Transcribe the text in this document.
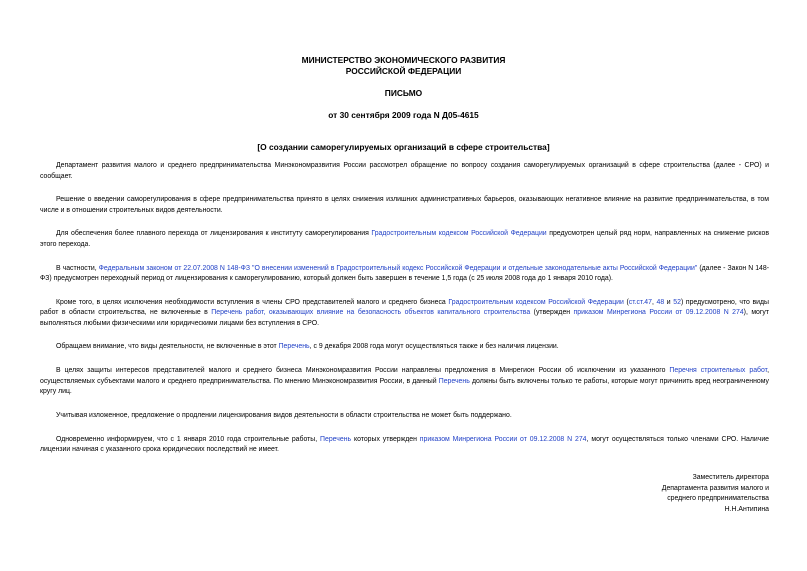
МИНИСТЕРСТВО ЭКОНОМИЧЕСКОГО РАЗВИТИЯ
РОССИЙСКОЙ ФЕДЕРАЦИИ
ПИСЬМО
от 30 сентября 2009 года N Д05-4615
[О создании саморегулируемых организаций в сфере строительства]

Департамент развития малого и среднего предпринимательства Минэкономразвития России рассмотрел обращение по вопросу создания саморегулируемых организаций в сфере строительства (далее - СРО) и сообщает.

Решение о введении саморегулирования в сфере предпринимательства принято в целях снижения излишних административных барьеров, оказывающих негативное влияние на развитие предпринимательства, в том числе и в отношении строительных видов деятельности.

Для обеспечения более плавного перехода от лицензирования к институту саморегулирования Градостроительным кодексом Российской Федерации предусмотрен целый ряд норм, направленных на снижение рисков этого перехода.

В частности, Федеральным законом от 22.07.2008 N 148-ФЗ "О внесении изменений в Градостроительный кодекс Российской Федерации и отдельные законодательные акты Российской Федерации" (далее - Закон N 148-ФЗ) предусмотрен переходный период от лицензирования к саморегулированию, который должен быть завершен в течение 1,5 года (с 25 июля 2008 года до 1 января 2010 года).

Кроме того, в целях исключения необходимости вступления в члены СРО представителей малого и среднего бизнеса Градостроительным кодексом Российской Федерации (ст.ст.47, 48 и 52) предусмотрено, что виды работ в области строительства, не включенные в Перечень работ, оказывающих влияние на безопасность объектов капитального строительства (утвержден приказом Минрегиона России от 09.12.2008 N 274), могут выполняться любыми физическими или юридическими лицами без вступления в СРО.

Обращаем внимание, что виды деятельности, не включенные в этот Перечень, с 9 декабря 2008 года могут осуществляться также и без наличия лицензии.

В целях защиты интересов представителей малого и среднего бизнеса Минэкономразвития России направлены предложения в Минрегион России об исключении из указанного Перечня строительных работ, осуществляемых субъектами малого и среднего предпринимательства. По мнению Минэкономразвития России, в данный Перечень должны быть включены только те работы, которые могут причинить вред неограниченному кругу лиц.

Учитывая изложенное, предложение о продлении лицензирования видов деятельности в области строительства не может быть поддержано.

Одновременно информируем, что с 1 января 2010 года строительные работы, Перечень которых утвержден приказом Минрегиона России от 09.12.2008 N 274, могут осуществляться только членами СРО. Наличие лицензии начиная с указанного срока юридических последствий не имеет.

Заместитель директора
Департамента развития малого и
среднего предпринимательства
Н.Н.Антипина
